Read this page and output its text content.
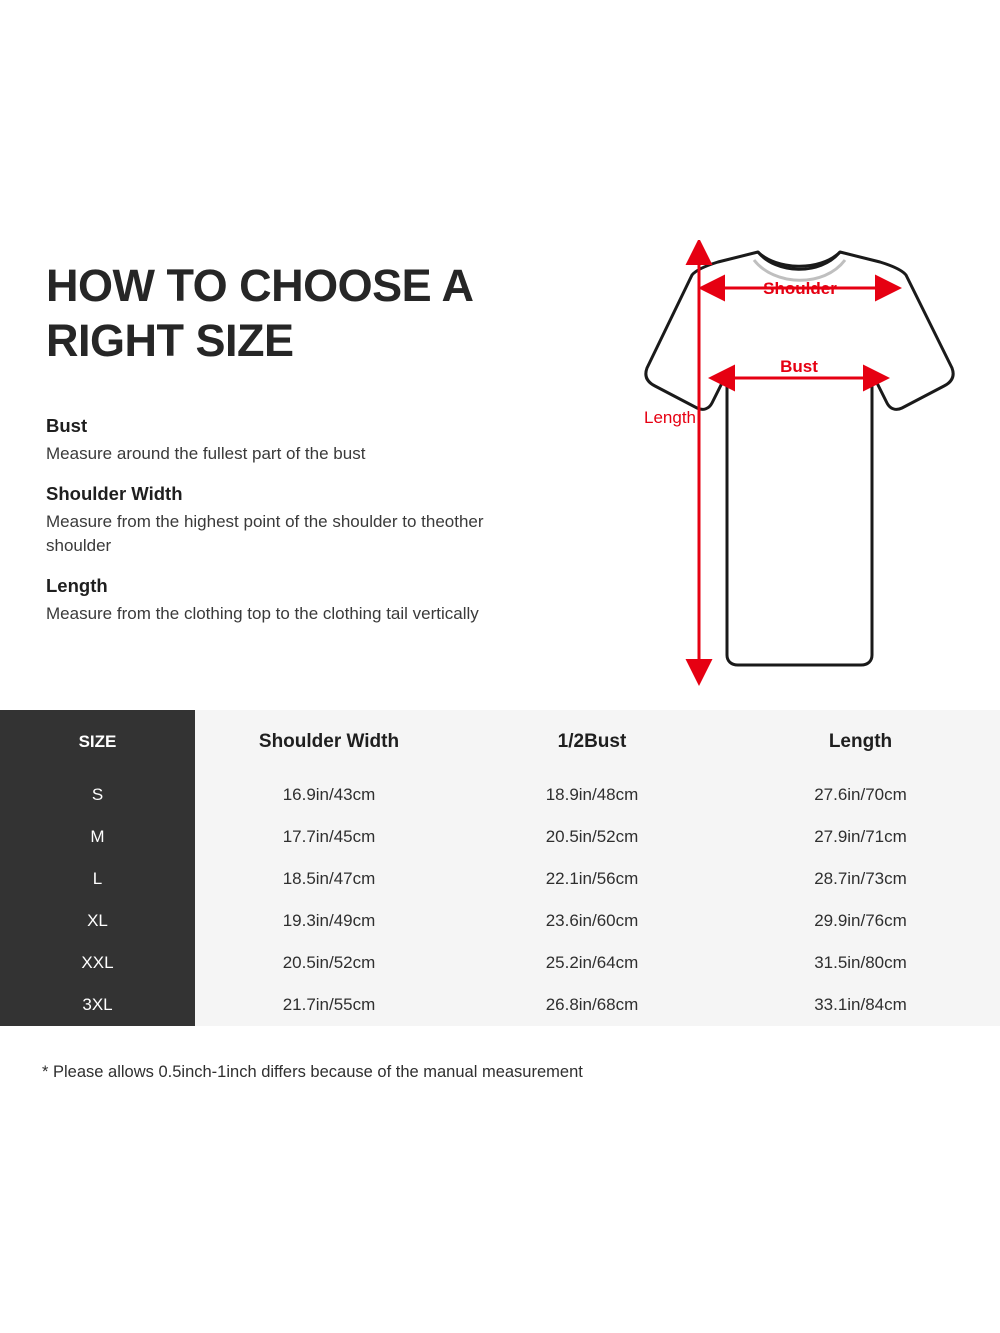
HOW TO CHOOSE A RIGHT SIZE
Bust
Measure around the fullest part of the bust
Shoulder Width
Measure from the highest point of the shoulder to theother shoulder
Length
Measure from the clothing top to the clothing tail vertically
Shoulder
Bust
Length
SIZE	Shoulder Width	1/2Bust	Length
S	16.9in/43cm	18.9in/48cm	27.6in/70cm
M	17.7in/45cm	20.5in/52cm	27.9in/71cm
L	18.5in/47cm	22.1in/56cm	28.7in/73cm
XL	19.3in/49cm	23.6in/60cm	29.9in/76cm
XXL	20.5in/52cm	25.2in/64cm	31.5in/80cm
3XL	21.7in/55cm	26.8in/68cm	33.1in/84cm
* Please allows 0.5inch-1inch differs because of the manual measurement
